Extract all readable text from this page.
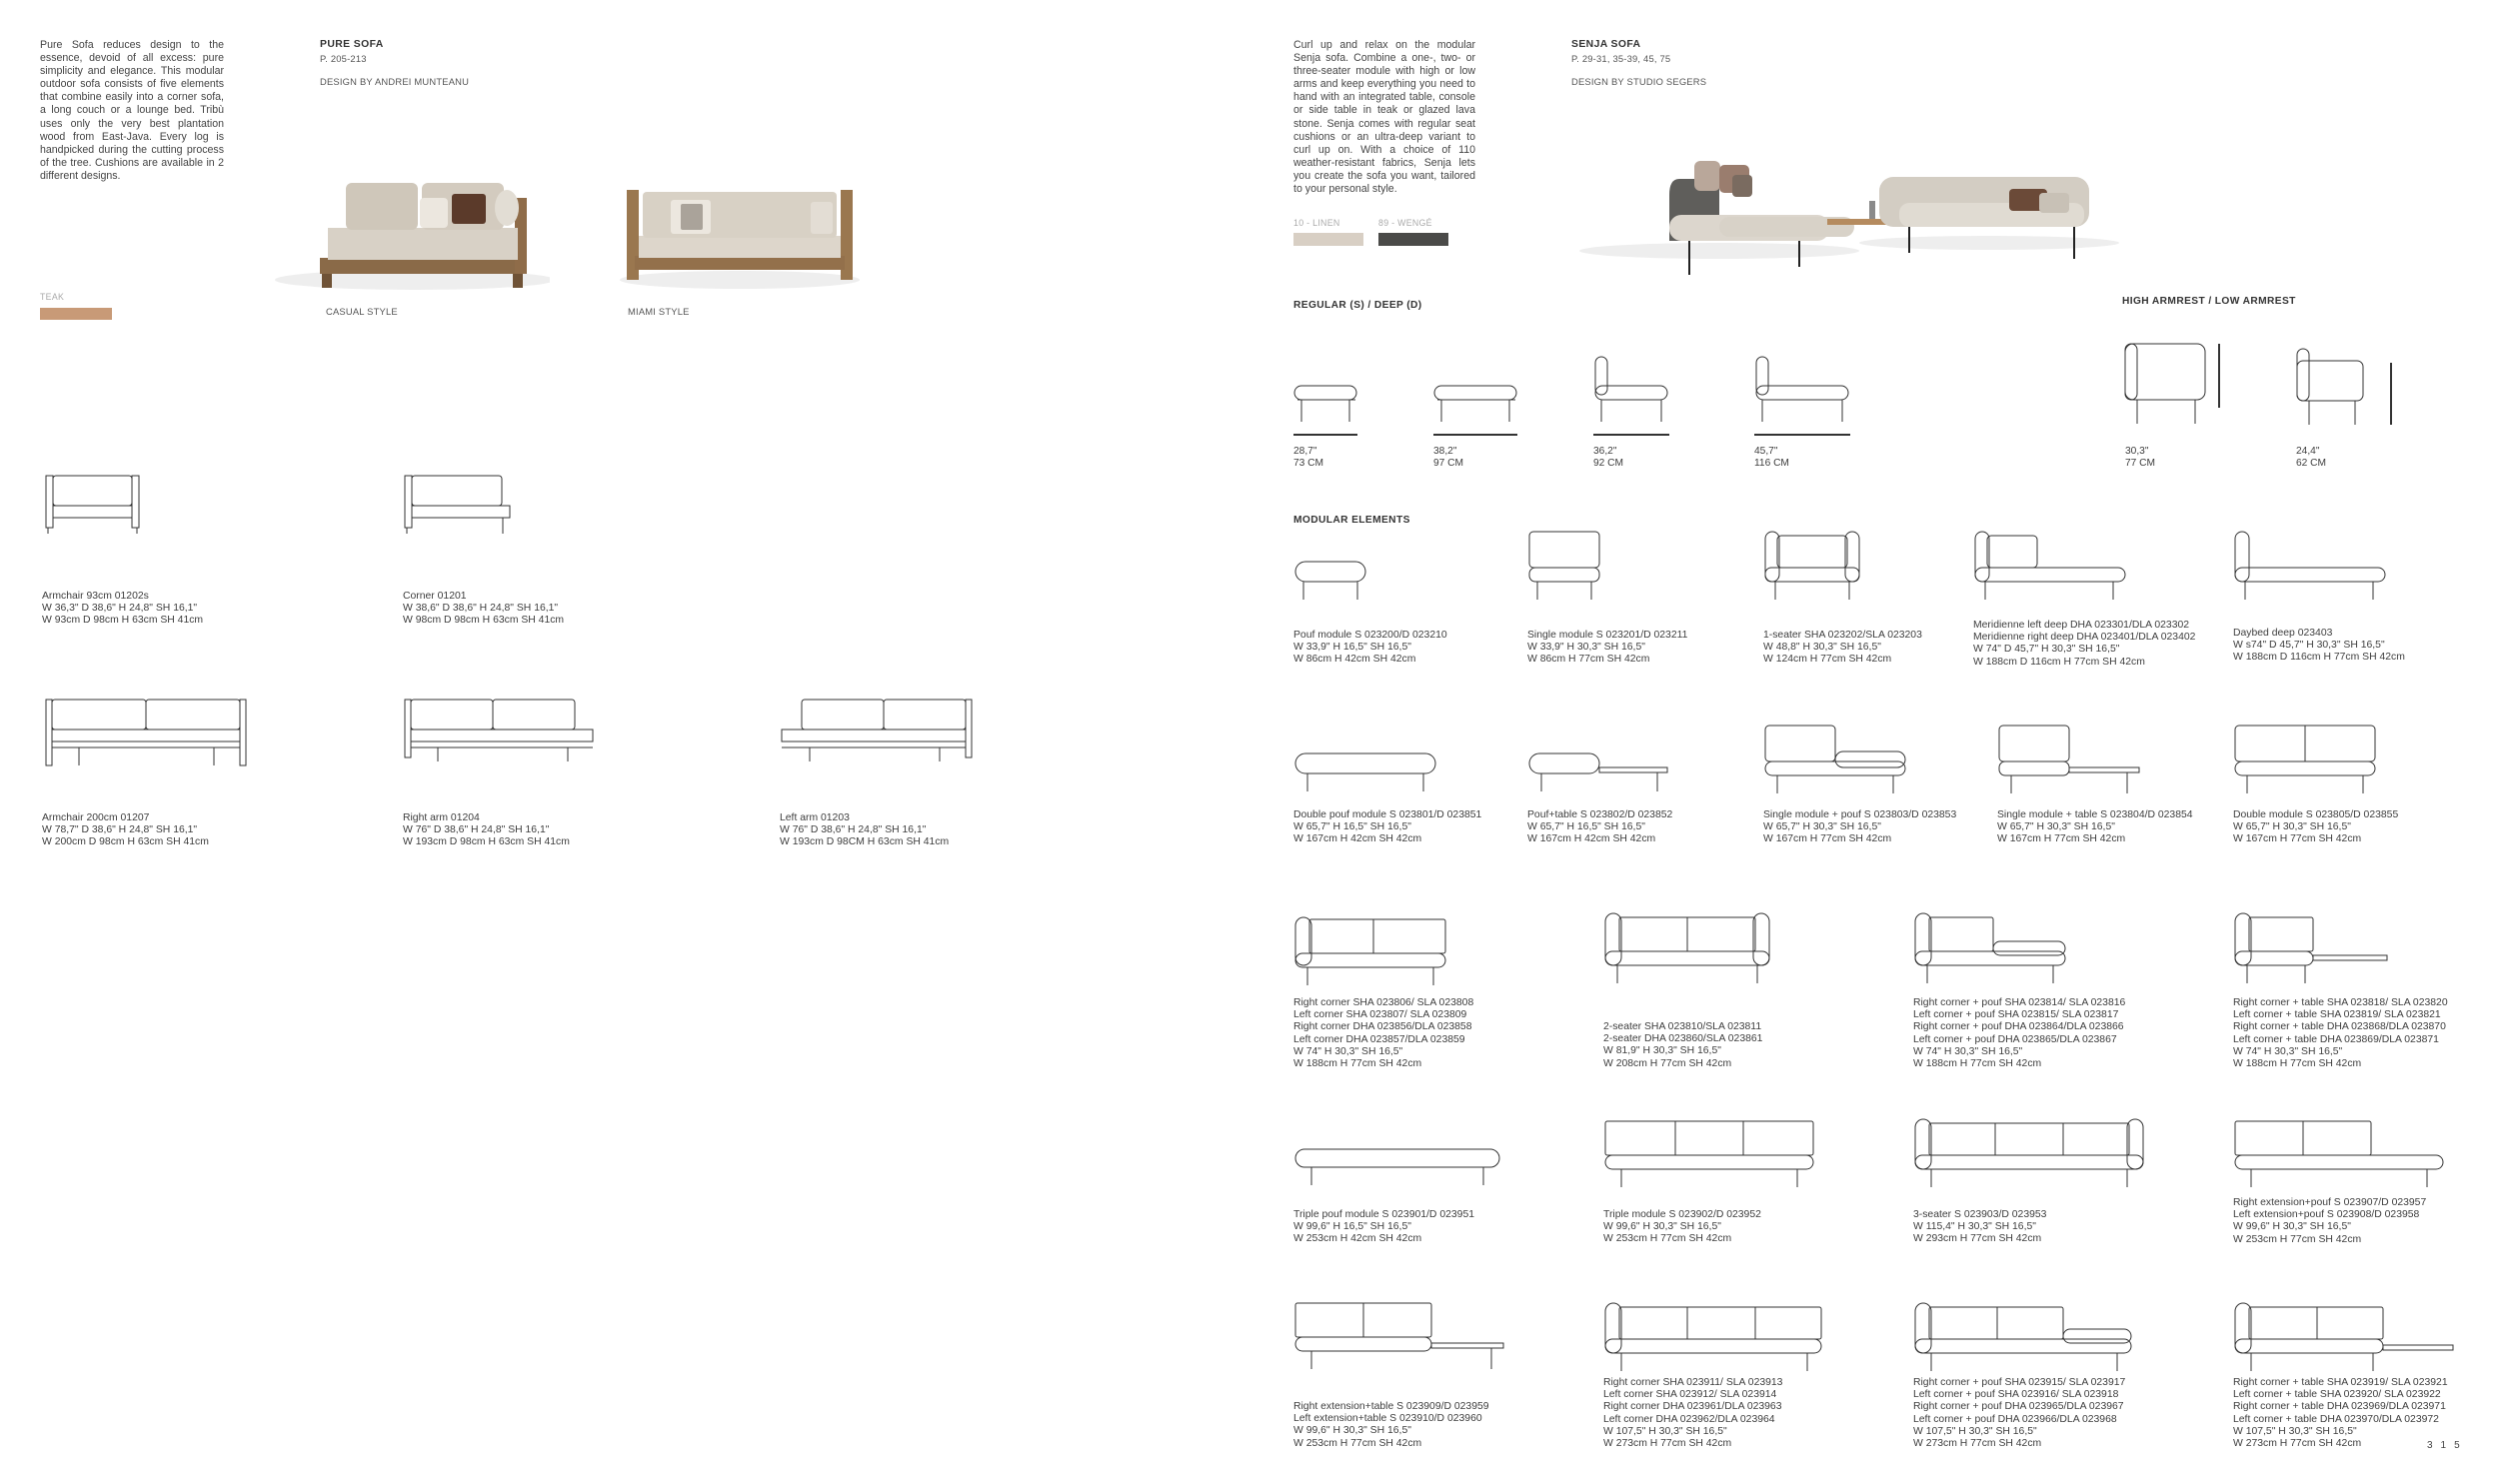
Pure Sofa reduces design to the essence, devoid of all excess: pure simplicity and elegance. This modular outdoor sofa consists of five elements that combine easily into a corner sofa, a long couch or a lounge bed. Tribù uses only the very best plantation wood from East-Java. Every log is handpicked during the cutting process of the tree. Cushions are available in 2 different designs.
PURE SOFA
P. 205-213
DESIGN BY ANDREI MUNTEANU
CASUAL STYLE	MIAMI STYLE
TEAK
Armchair 93cm 01202s
W 36,3" D 38,6" H 24,8" SH 16,1"
W 93cm D 98cm H 63cm SH 41cm
Corner 01201
W 38,6" D 38,6" H 24,8" SH 16,1"
W 98cm D 98cm H 63cm SH 41cm
Armchair 200cm 01207
W 78,7" D 38,6" H 24,8" SH 16,1"
W 200cm D 98cm H 63cm SH 41cm
Right arm 01204
W 76" D 38,6" H 24,8" SH 16,1"
W 193cm D 98cm H 63cm SH 41cm
Left arm 01203
W 76" D 38,6" H 24,8" SH 16,1"
W 193cm D 98CM H 63cm SH 41cm
Curl up and relax on the modular Senja sofa. Combine a one-, two- or three-seater module with high or low arms and keep everything you need to hand with an integrated table, console or side table in teak or glazed lava stone. Senja comes with regular seat cushions or an ultra-deep variant to curl up on. With a choice of 110 weather-resistant fabrics, Senja lets you create the sofa you want, tailored to your personal style.
SENJA SOFA
P. 29-31, 35-39, 45, 75
DESIGN BY STUDIO SEGERS
10 - LINEN	89 - WENGÉ
REGULAR (S) / DEEP (D)	HIGH ARMREST / LOW ARMREST
28,7"
73 CM
38,2"
97 CM
36,2"
92 CM
45,7"
116 CM
30,3"
77 CM
24,4"
62 CM
MODULAR ELEMENTS
Pouf module S 023200/D 023210
W 33,9" H 16,5" SH 16,5"
W 86cm H 42cm SH 42cm
Single module S 023201/D 023211
W 33,9" H 30,3" SH 16,5"
W 86cm H 77cm SH 42cm
1-seater SHA 023202/SLA 023203
W 48,8" H 30,3" SH 16,5"
W 124cm H 77cm SH 42cm
Meridienne left deep DHA 023301/DLA 023302
Meridienne right deep DHA 023401/DLA 023402
W 74" D 45,7" H 30,3" SH 16,5"
W 188cm D 116cm H 77cm SH 42cm
Daybed deep 023403
W s74" D 45,7" H 30,3" SH 16,5"
W 188cm D 116cm H 77cm SH 42cm
Double pouf module S 023801/D 023851
W 65,7" H 16,5" SH 16,5"
W 167cm H 42cm SH 42cm
Pouf+table S 023802/D 023852
W 65,7" H 16,5" SH 16,5"
W 167cm H 42cm SH 42cm
Single module + pouf S 023803/D 023853
W 65,7" H 30,3" SH 16,5"
W 167cm H 77cm SH 42cm
Single module + table S 023804/D 023854
W 65,7" H 30,3" SH 16,5"
W 167cm H 77cm SH 42cm
Double module S 023805/D 023855
W 65,7" H 30,3" SH 16,5"
W 167cm H 77cm SH 42cm
Right corner SHA 023806/ SLA 023808
Left corner SHA 023807/ SLA 023809
Right corner DHA 023856/DLA 023858
Left corner DHA 023857/DLA 023859
W 74" H 30,3" SH 16,5"
W 188cm H 77cm SH 42cm
2-seater SHA 023810/SLA 023811
2-seater DHA 023860/SLA 023861
W 81,9" H 30,3" SH 16,5"
W 208cm H 77cm SH 42cm
Right corner + pouf SHA 023814/ SLA 023816
Left corner + pouf SHA 023815/ SLA 023817
Right corner + pouf DHA 023864/DLA 023866
Left corner + pouf DHA 023865/DLA 023867
W 74" H 30,3" SH 16,5"
W 188cm H 77cm SH 42cm
Right corner + table SHA 023818/ SLA 023820
Left corner + table SHA 023819/ SLA 023821
Right corner + table DHA 023868/DLA 023870
Left corner + table DHA 023869/DLA 023871
W 74" H 30,3" SH 16,5"
W 188cm H 77cm SH 42cm
Triple pouf module S 023901/D 023951
W 99,6" H 16,5" SH 16,5"
W 253cm H 42cm SH 42cm
Triple module S 023902/D 023952
W 99,6" H 30,3" SH 16,5"
W 253cm H 77cm SH 42cm
3-seater S 023903/D 023953
W 115,4" H 30,3" SH 16,5"
W 293cm H 77cm SH 42cm
Right extension+pouf S 023907/D 023957
Left extension+pouf S 023908/D 023958
W 99,6" H 30,3" SH 16,5"
W 253cm H 77cm SH 42cm
Right extension+table S 023909/D 023959
Left extension+table S 023910/D 023960
W 99,6" H 30,3" SH 16,5"
W 253cm H 77cm SH 42cm
Right corner SHA 023911/ SLA 023913
Left corner SHA 023912/ SLA 023914
Right corner DHA 023961/DLA 023963
Left corner DHA 023962/DLA 023964
W 107,5" H 30,3" SH 16,5"
W 273cm H 77cm SH 42cm
Right corner + pouf SHA 023915/ SLA 023917
Left corner + pouf SHA 023916/ SLA 023918
Right corner + pouf DHA 023965/DLA 023967
Left corner + pouf DHA 023966/DLA 023968
W 107,5" H 30,3" SH 16,5"
W 273cm H 77cm SH 42cm
Right corner + table SHA 023919/ SLA 023921
Left corner + table SHA 023920/ SLA 023922
Right corner + table DHA 023969/DLA 023971
Left corner + table DHA 023970/DLA 023972
W 107,5" H 30,3" SH 16,5"
W 273cm H 77cm SH 42cm	315
